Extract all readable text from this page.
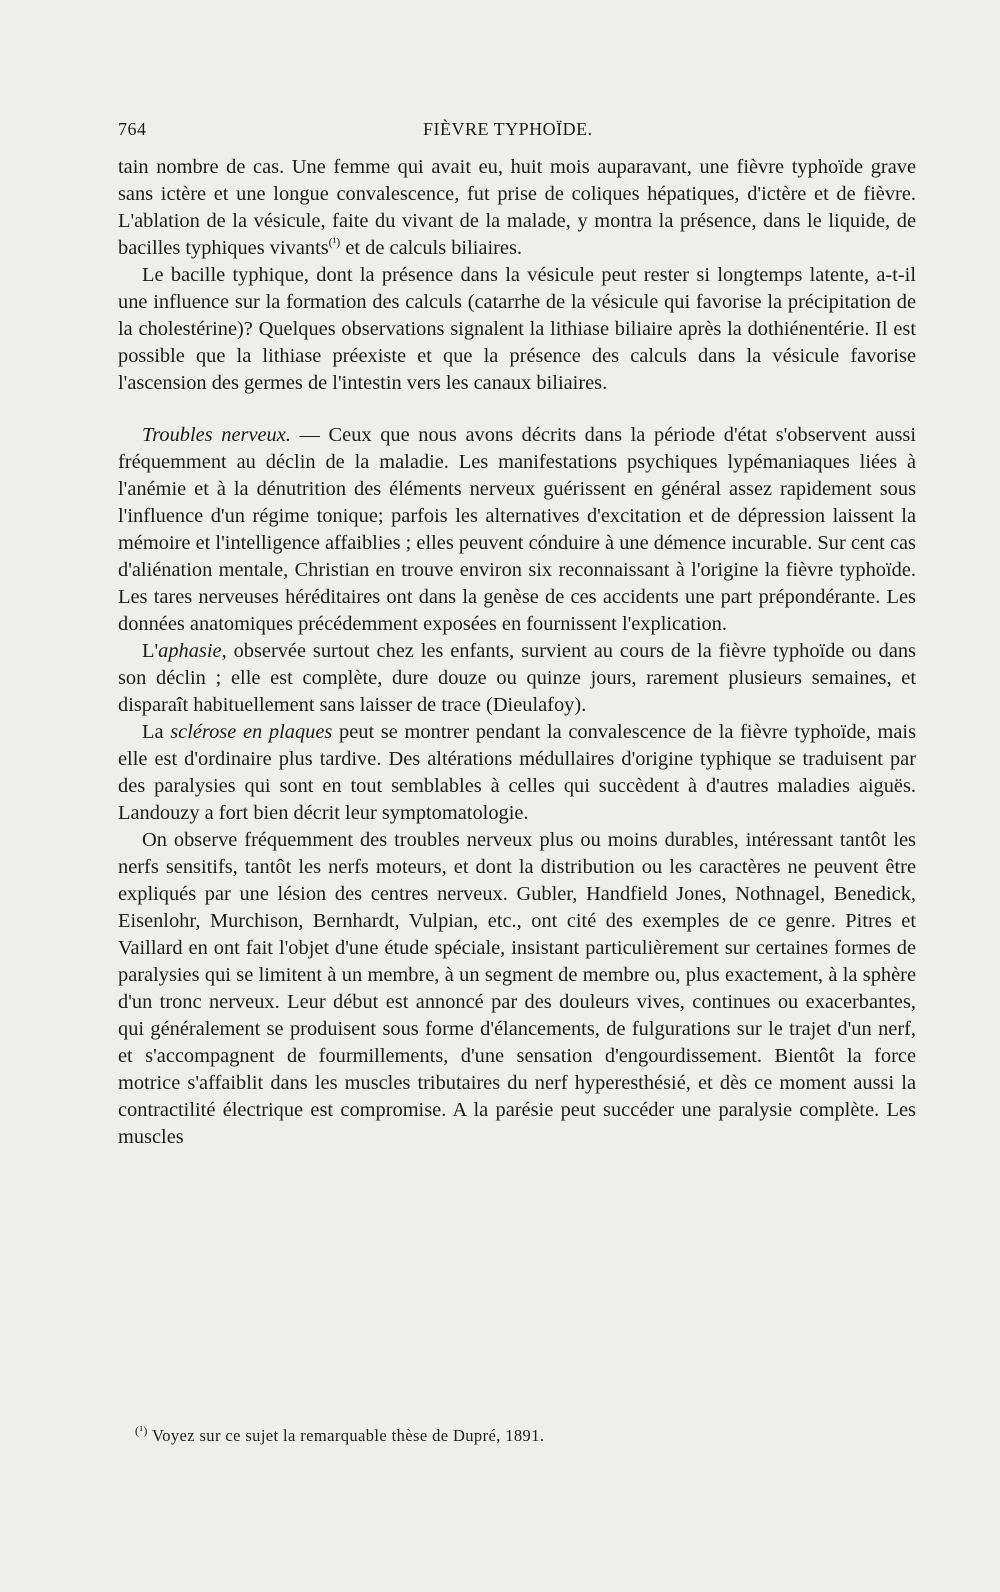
764	FIÈVRE TYPHOÏDE.

tain nombre de cas. Une femme qui avait eu, huit mois auparavant, une fièvre typhoïde grave sans ictère et une longue convalescence, fut prise de coliques hépatiques, d'ictère et de fièvre. L'ablation de la vésicule, faite du vivant de la malade, y montra la présence, dans le liquide, de bacilles typhiques vivants$^{(^1)}$ et de calculs biliaires.

Le bacille typhique, dont la présence dans la vésicule peut rester si longtemps latente, a-t-il une influence sur la formation des calculs (catarrhe de la vésicule qui favorise la précipitation de la cholestérine)? Quelques observations signalent la lithiase biliaire après la dothiénentérie. Il est possible que la lithiase préexiste et que la présence des calculs dans la vésicule favorise l'ascension des germes de l'intestin vers les canaux biliaires.

Troubles nerveux. — Ceux que nous avons décrits dans la période d'état s'observent aussi fréquemment au déclin de la maladie. Les manifestations psychiques lypémaniaques liées à l'anémie et à la dénutrition des éléments nerveux guérissent en général assez rapidement sous l'influence d'un régime tonique; parfois les alternatives d'excitation et de dépression laissent la mémoire et l'intelligence affaiblies ; elles peuvent cónduire à une démence incurable. Sur cent cas d'aliénation mentale, Christian en trouve environ six reconnaissant à l'origine la fièvre typhoïde. Les tares nerveuses héréditaires ont dans la genèse de ces accidents une part prépondérante. Les données anatomiques précédemment exposées en fournissent l'explication.

L'aphasie, observée surtout chez les enfants, survient au cours de la fièvre typhoïde ou dans son déclin ; elle est complète, dure douze ou quinze jours, rarement plusieurs semaines, et disparaît habituellement sans laisser de trace (Dieulafoy).

La sclérose en plaques peut se montrer pendant la convalescence de la fièvre typhoïde, mais elle est d'ordinaire plus tardive. Des altérations médullaires d'origine typhique se traduisent par des paralysies qui sont en tout semblables à celles qui succèdent à d'autres maladies aiguës. Landouzy a fort bien décrit leur symptomatologie.

On observe fréquemment des troubles nerveux plus ou moins durables, intéressant tantôt les nerfs sensitifs, tantôt les nerfs moteurs, et dont la distribution ou les caractères ne peuvent être expliqués par une lésion des centres nerveux. Gubler, Handfield Jones, Nothnagel, Benedick, Eisenlohr, Murchison, Bernhardt, Vulpian, etc., ont cité des exemples de ce genre. Pitres et Vaillard en ont fait l'objet d'une étude spéciale, insistant particulièrement sur certaines formes de paralysies qui se limitent à un membre, à un segment de membre ou, plus exactement, à la sphère d'un tronc nerveux. Leur début est annoncé par des douleurs vives, continues ou exacerbantes, qui généralement se produisent sous forme d'élancements, de fulgurations sur le trajet d'un nerf, et s'accompagnent de fourmillements, d'une sensation d'engourdissement. Bientôt la force motrice s'affaiblit dans les muscles tributaires du nerf hyperesthésié, et dès ce moment aussi la contractilité électrique est compromise. A la parésie peut succéder une paralysie complète. Les muscles

$^{(^1)}$ Voyez sur ce sujet la remarquable thèse de Dupré, 1891.
